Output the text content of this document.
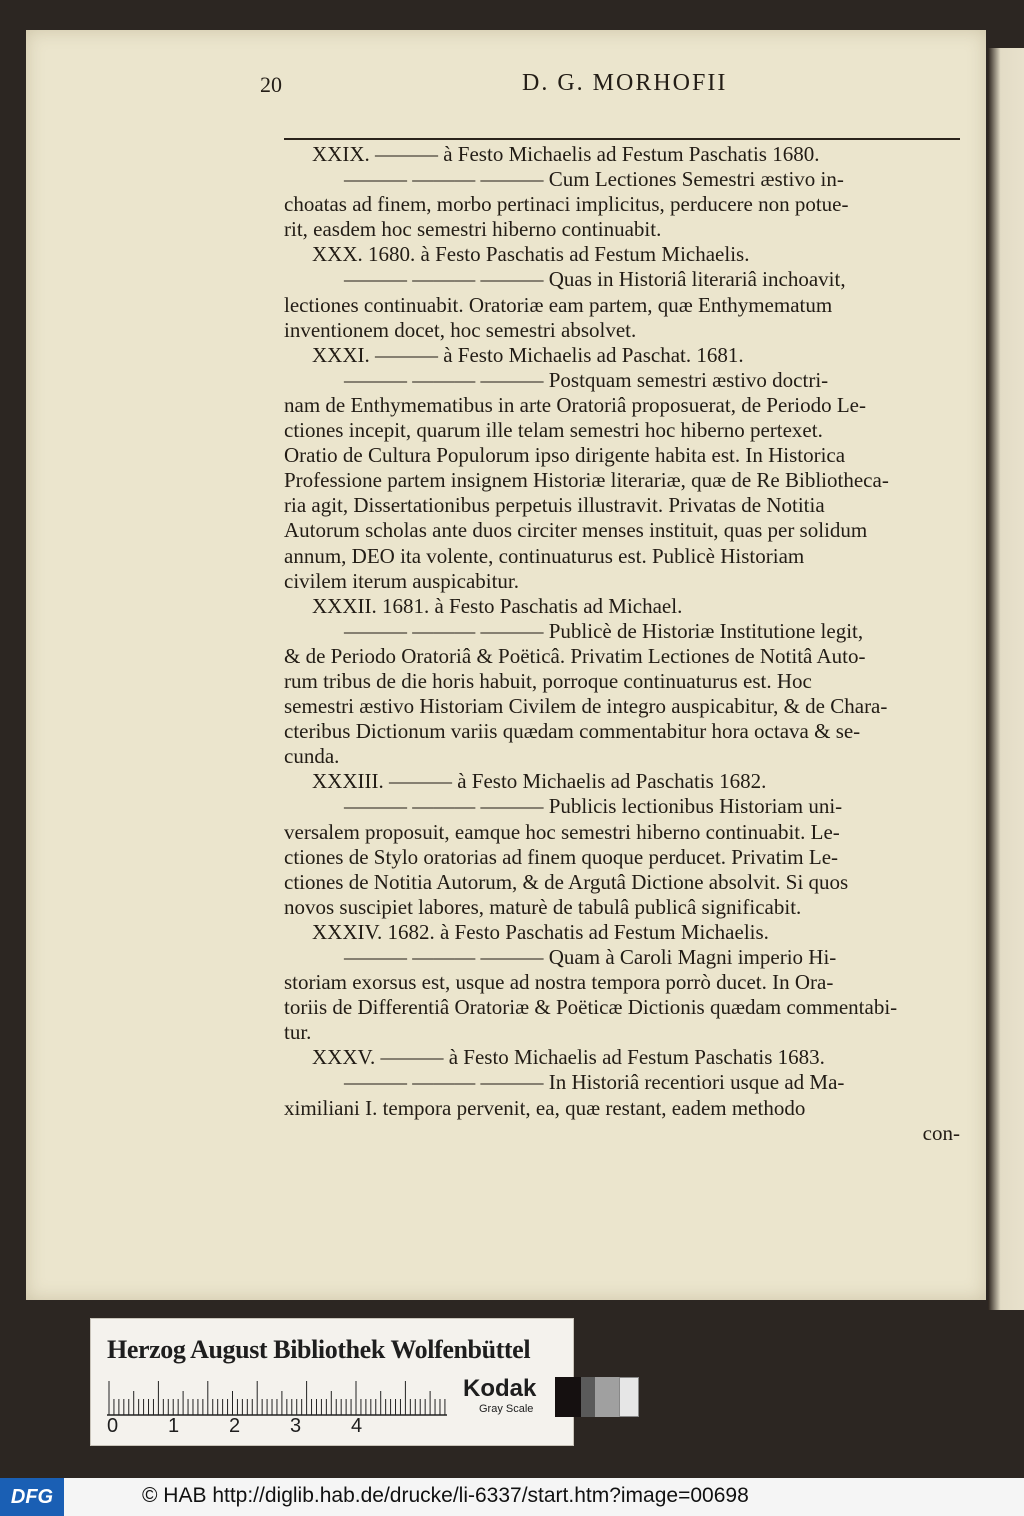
20	D. G. MORHOFII
XXIX. ——— à Festo Michaelis ad Festum Paschatis 1680.
——— ——— ——— Cum Lectiones Semestri æstivo in-
choatas ad finem, morbo pertinaci implicitus, perducere non potue-
rit, easdem hoc semestri hiberno continuabit.
XXX. 1680. à Festo Paschatis ad Festum Michaelis.
——— ——— ——— Quas in Historiâ literariâ inchoavit,
lectiones continuabit. Oratoriæ eam partem, quæ Enthymematum
inventionem docet, hoc semestri absolvet.
XXXI. ——— à Festo Michaelis ad Paschat. 1681.
——— ——— ——— Postquam semestri æstivo doctri-
nam de Enthymematibus in arte Oratoriâ proposuerat, de Periodo Le-
ctiones incepit, quarum ille telam semestri hoc hiberno pertexet.
Oratio de Cultura Populorum ipso dirigente habita est. In Historica
Professione partem insignem Historiæ literariæ, quæ de Re Bibliotheca-
ria agit, Dissertationibus perpetuis illustravit. Privatas de Notitia
Autorum scholas ante duos circiter menses instituit, quas per solidum
annum, DEO ita volente, continuaturus est. Publicè Historiam
civilem iterum auspicabitur.
XXXII. 1681. à Festo Paschatis ad Michael.
——— ——— ——— Publicè de Historiæ Institutione legit,
& de Periodo Oratoriâ & Poëticâ. Privatim Lectiones de Notitâ Auto-
rum tribus de die horis habuit, porroque continuaturus est. Hoc
semestri æstivo Historiam Civilem de integro auspicabitur, & de Chara-
cteribus Dictionum variis quædam commentabitur hora octava & se-
cunda.
XXXIII. ——— à Festo Michaelis ad Paschatis 1682.
——— ——— ——— Publicis lectionibus Historiam uni-
versalem proposuit, eamque hoc semestri hiberno continuabit. Le-
ctiones de Stylo oratorias ad finem quoque perducet. Privatim Le-
ctiones de Notitia Autorum, & de Argutâ Dictione absolvit. Si quos
novos suscipiet labores, maturè de tabulâ publicâ significabit.
XXXIV. 1682. à Festo Paschatis ad Festum Michaelis.
——— ——— ——— Quam à Caroli Magni imperio Hi-
storiam exorsus est, usque ad nostra tempora porrò ducet. In Ora-
toriis de Differentiâ Oratoriæ & Poëticæ Dictionis quædam commentabi-
tur.
XXXV. ——— à Festo Michaelis ad Festum Paschatis 1683.
——— ——— ——— In Historiâ recentiori usque ad Ma-
ximiliani I. tempora pervenit, ea, quæ restant, eadem methodo
con-
Herzog August Bibliothek Wolfenbüttel
0 1 2 3 4
Kodak
Gray Scale
DFG	© HAB http://diglib.hab.de/drucke/li-6337/start.htm?image=00698
